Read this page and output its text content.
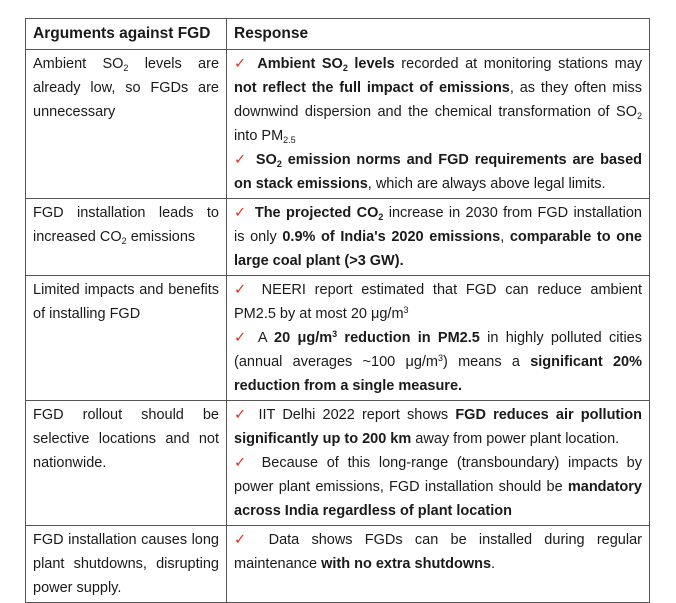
Arguments against FGD	Response
Ambient $SO_2$ levels are already low, so FGDs are unnecessary	✓ Ambient $SO_2$ levels recorded at monitoring stations may not reflect the full impact of emissions, as they often miss downwind dispersion and the chemical transformation of $SO_2$ into $PM_{2.5}$
✓ $SO_2$ emission norms and FGD requirements are based on stack emissions, which are always above legal limits.

FGD installation leads to increased $CO_2$ emissions	✓ The projected $CO_2$ increase in 2030 from FGD installation is only 0.9% of India's 2020 emissions, comparable to one large coal plant (>3 GW).

Limited impacts and benefits of installing FGD	✓ NEERI report estimated that FGD can reduce ambient PM2.5 by at most 20 $\mu g/m^3$
✓ A 20 $\mu g/m^3$ reduction in PM2.5 in highly polluted cities (annual averages ~100 $\mu g/m^3$) means a significant 20% reduction from a single measure.

FGD rollout should be selective locations and not nationwide.	✓ IIT Delhi 2022 report shows FGD reduces air pollution significantly up to 200 km away from power plant location.
✓ Because of this long-range (transboundary) impacts by power plant emissions, FGD installation should be mandatory across India regardless of plant location

FGD installation causes long plant shutdowns, disrupting power supply.	✓ Data shows FGDs can be installed during regular maintenance with no extra shutdowns.
